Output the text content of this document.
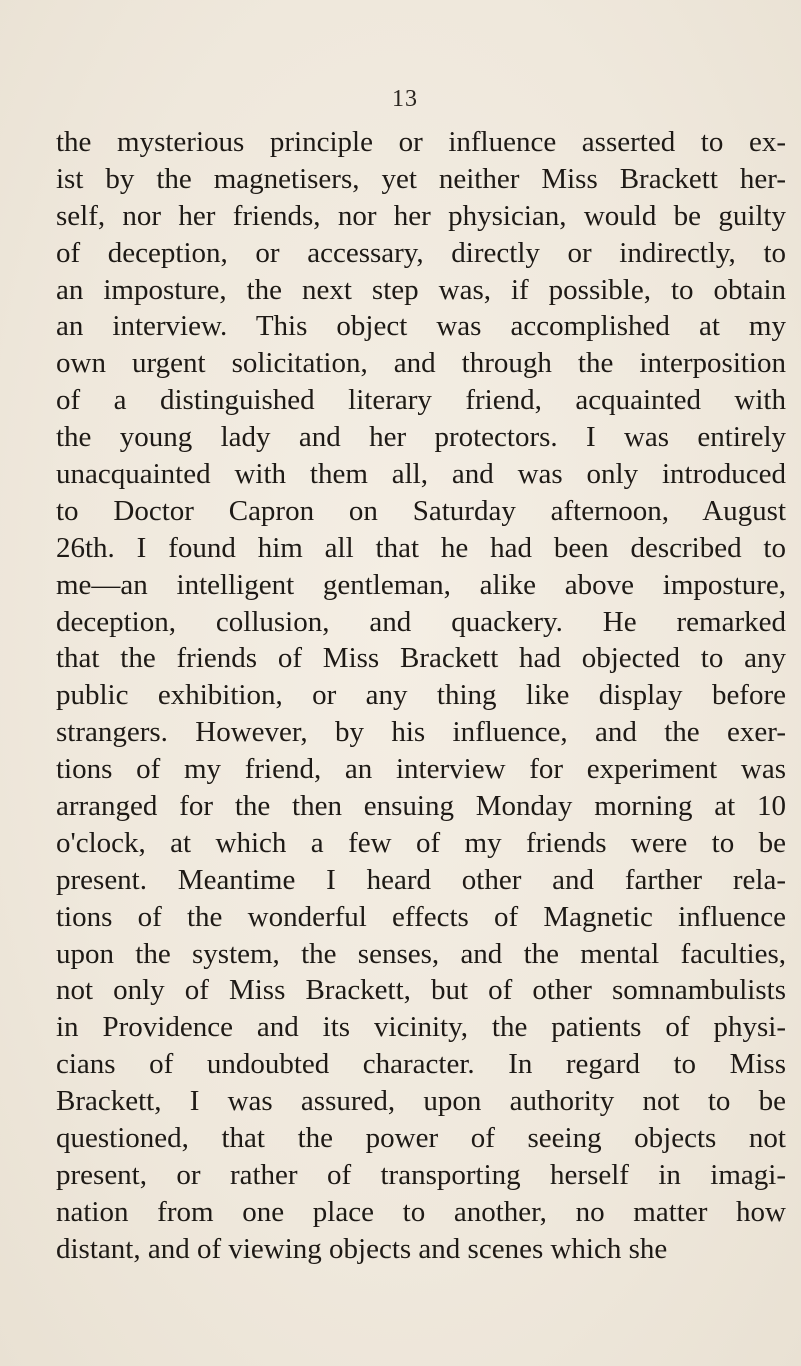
13
the mysterious principle or influence asserted to ex-
ist by the magnetisers, yet neither Miss Brackett her-
self, nor her friends, nor her physician, would be guilty
of deception, or accessary, directly or indirectly, to
an imposture, the next step was, if possible, to obtain
an interview. This object was accomplished at my
own urgent solicitation, and through the interposition
of a distinguished literary friend, acquainted with
the young lady and her protectors. I was entirely
unacquainted with them all, and was only introduced
to Doctor Capron on Saturday afternoon, August
26th. I found him all that he had been described to
me—an intelligent gentleman, alike above imposture,
deception, collusion, and quackery. He remarked
that the friends of Miss Brackett had objected to any
public exhibition, or any thing like display before
strangers. However, by his influence, and the exer-
tions of my friend, an interview for experiment was
arranged for the then ensuing Monday morning at 10
o'clock, at which a few of my friends were to be
present. Meantime I heard other and farther rela-
tions of the wonderful effects of Magnetic influence
upon the system, the senses, and the mental faculties,
not only of Miss Brackett, but of other somnambulists
in Providence and its vicinity, the patients of physi-
cians of undoubted character. In regard to Miss
Brackett, I was assured, upon authority not to be
questioned, that the power of seeing objects not
present, or rather of transporting herself in imagi-
nation from one place to another, no matter how
distant, and of viewing objects and scenes which she
